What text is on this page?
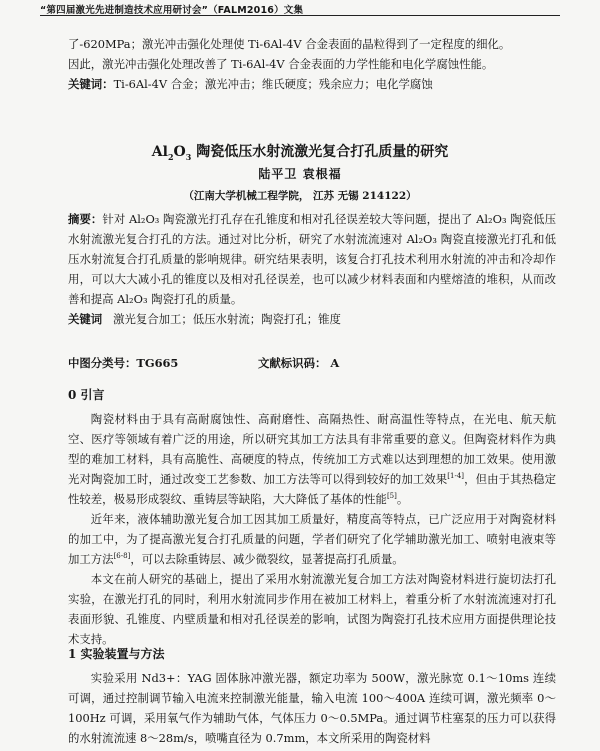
“第四届激光先进制造技术应用研讨会”（FALM2016）文集

了-620MPa；激光冲击强化处理使 Ti-6Al-4V 合金表面的晶粒得到了一定程度的细化。

因此，激光冲击强化处理改善了 Ti-6Al-4V 合金表面的力学性能和电化学腐蚀性能。

关键词：Ti-6Al-4V 合金；激光冲击；维氏硬度；残余应力；电化学腐蚀

$Al_2O_3$ 陶瓷低压水射流激光复合打孔质量的研究
陆平卫 袁根福
（江南大学机械工程学院， 江苏 无锡 214122）

摘要：针对 Al₂O₃ 陶瓷激光打孔存在孔锥度和相对孔径误差较大等问题，提出了 Al₂O₃ 陶瓷低压水射流激光复合打孔的方法。通过对比分析，研究了水射流流速对 Al₂O₃ 陶瓷直接激光打孔和低压水射流复合打孔质量的影响规律。研究结果表明，该复合打孔技术利用水射流的冲击和冷却作用，可以大大减小孔的锥度以及相对孔径误差，也可以减少材料表面和内壁熔渣的堆积，从而改善和提高 Al₂O₃ 陶瓷打孔的质量。

关键词 激光复合加工；低压水射流；陶瓷打孔；锥度

中图分类号：TG665	文献标识码： A
0 引言

陶瓷材料由于具有高耐腐蚀性、高耐磨性、高隔热性、耐高温性等特点，在光电、航天航空、医疗等领域有着广泛的用途，所以研究其加工方法具有非常重要的意义。但陶瓷材料作为典型的难加工材料，具有高脆性、高硬度的特点，传统加工方式难以达到理想的加工效果。使用激光对陶瓷加工时，通过改变工艺参数、加工方法等可以得到较好的加工效果[1-4]，但由于其热稳定性较差，极易形成裂纹、重铸层等缺陷，大大降低了基体的性能[5]。

近年来，液体辅助激光复合加工因其加工质量好，精度高等特点，已广泛应用于对陶瓷材料的加工中，为了提高激光复合打孔质量的问题，学者们研究了化学辅助激光加工、喷射电液束等加工方法[6-8]，可以去除重铸层、减少微裂纹，显著提高打孔质量。

本文在前人研究的基础上，提出了采用水射流激光复合加工方法对陶瓷材料进行旋切法打孔实验，在激光打孔的同时，利用水射流同步作用在被加工材料上，着重分析了水射流流速对打孔表面形貌、孔锥度、内壁质量和相对孔径误差的影响，试图为陶瓷打孔技术应用方面提供理论技术支持。

1 实验装置与方法

实验采用 Nd3+：YAG 固体脉冲激光器，额定功率为 500W，激光脉宽 0.1～10ms 连续可调，通过控制调节输入电流来控制激光能量，输入电流 100～400A 连续可调，激光频率 0～100Hz 可调，采用氧气作为辅助气体，气体压力 0～0.5MPa。通过调节柱塞泵的压力可以获得的水射流流速 8～28m/s，喷嘴直径为 0.7mm，本文所采用的陶瓷材料
